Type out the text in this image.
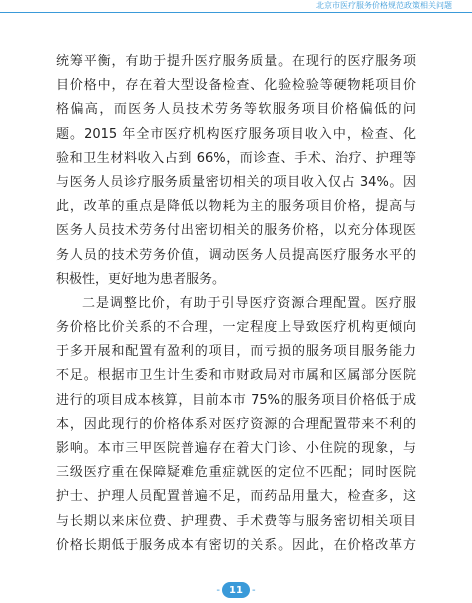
北京市医疗服务价格规范政策相关问题
统筹平衡，有助于提升医疗服务质量。在现行的医疗服务项
目价格中，存在着大型设备检查、化验检验等硬物耗项目价
格偏高，而医务人员技术劳务等软服务项目价格偏低的问
题。2015 年全市医疗机构医疗服务项目收入中，检查、化
验和卫生材料收入占到 66%，而诊查、手术、治疗、护理等
与医务人员诊疗服务质量密切相关的项目收入仅占 34%。因
此，改革的重点是降低以物耗为主的服务项目价格，提高与
医务人员技术劳务付出密切相关的服务价格，以充分体现医
务人员的技术劳务价值，调动医务人员提高医疗服务水平的
积极性，更好地为患者服务。
二是调整比价，有助于引导医疗资源合理配置。医疗服
务价格比价关系的不合理，一定程度上导致医疗机构更倾向
于多开展和配置有盈利的项目，而亏损的服务项目服务能力
不足。根据市卫生计生委和市财政局对市属和区属部分医院
进行的项目成本核算，目前本市 75%的服务项目价格低于成
本，因此现行的价格体系对医疗资源的合理配置带来不利的
影响。本市三甲医院普遍存在着大门诊、小住院的现象，与
三级医疗重在保障疑难危重症就医的定位不匹配；同时医院
护士、护理人员配置普遍不足，而药品用量大，检查多，这
与长期以来床位费、护理费、手术费等与服务密切相关项目
价格长期低于服务成本有密切的关系。因此，在价格改革方
- 11 -
